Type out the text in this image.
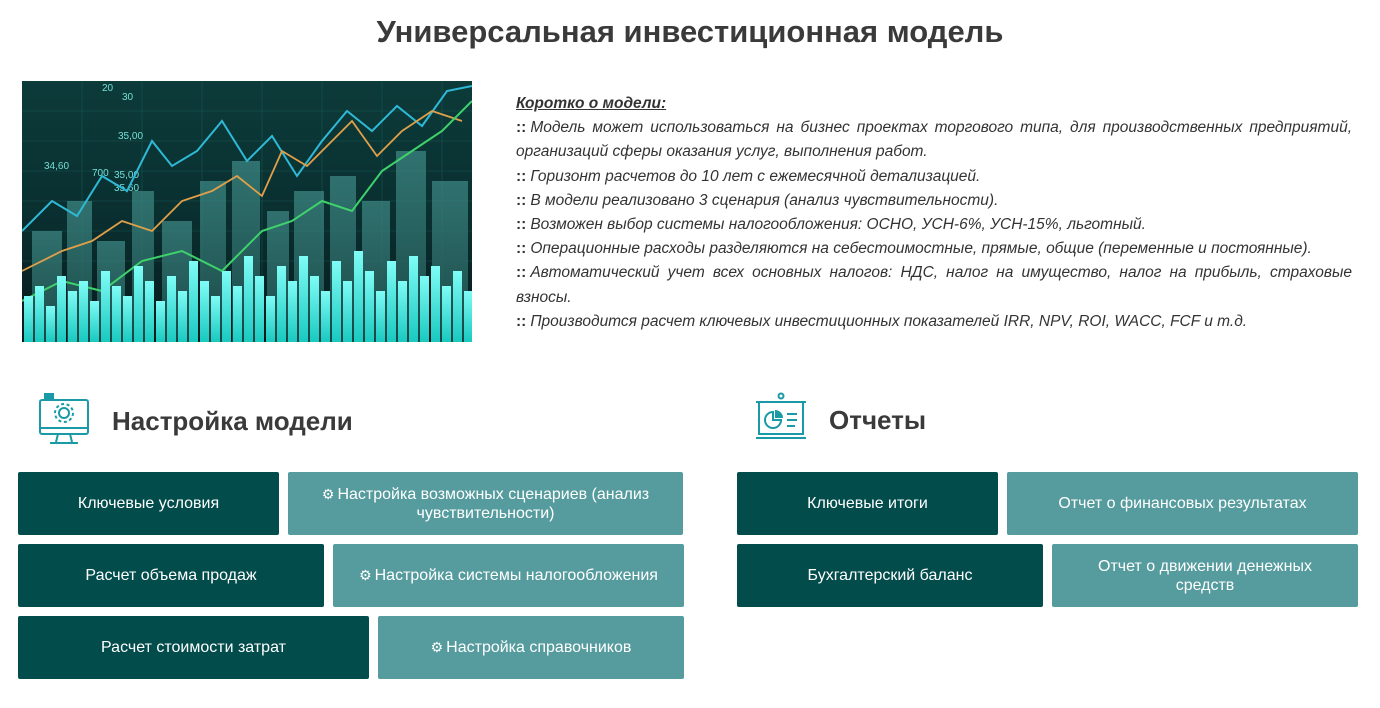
Универсальная инвестиционная модель
20
30
35,00
34,60
700 35,00
35,60
Коротко о модели:
:: Модель может использоваться на бизнес проектах торгового типа, для производственных предприятий, организаций сферы оказания услуг, выполнения работ.
:: Горизонт расчетов до 10 лет с ежемесячной детализацией.
:: В модели реализовано 3 сценария (анализ чувствительности).
:: Возможен выбор системы налогообложения: ОСНО, УСН-6%, УСН-15%, льготный.
:: Операционные расходы разделяются на себестоимостные, прямые, общие (переменные и постоянные).
:: Автоматический учет всех основных налогов: НДС, налог на имущество, налог на прибыль, страховые взносы.
:: Производится расчет ключевых инвестиционных показателей IRR, NPV, ROI, WACC, FCF и т.д.
Настройка модели	Отчеты
Ключевые условия
⚙ Настройка возможных сценариев (анализ чувствительности)
Расчет объема продаж	⚙ Настройка системы налогообложения
Расчет стоимости затрат	⚙ Настройка справочников
Ключевые итоги	Отчет о финансовых результатах
Бухгалтерский баланс
Отчет о движении денежных средств
